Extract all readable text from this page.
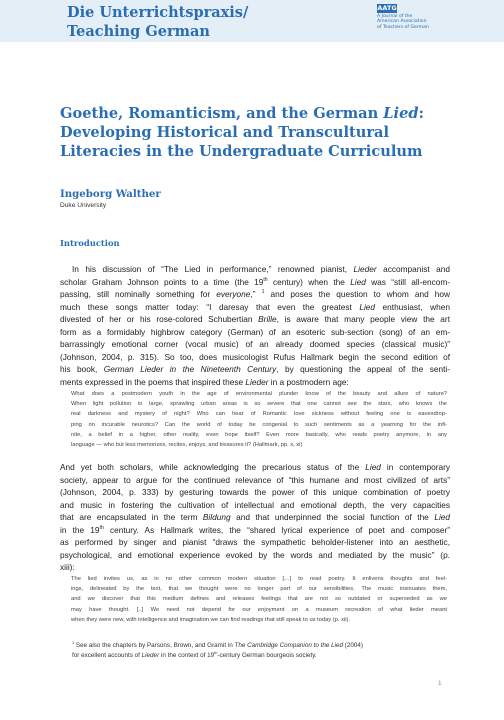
Die Unterrichtspraxis/
Teaching German
AATG
A Journal of the
American Association
of Teachers of German
Goethe, Romanticism, and the German Lied:
Developing Historical and Transcultural
Literacies in the Undergraduate Curriculum
Ingeborg Walther
Duke University
Introduction
In his discussion of “The Lied in performance,” renowned pianist, Lieder accompanist and
scholar Graham Johnson points to a time (the 19th century) when the Lied was “still all-encom-
passing, still nominally something for everyone,” $^1$ and poses the question to whom and how
much these songs matter today: “I daresay that even the greatest Lied enthusiast, when
divested of her or his rose-colored Schubertian Brille, is aware that many people view the art
form as a formidably highbrow category (German) of an esoteric sub-section (song) of an em-
barrassingly emotional corner (vocal music) of an already doomed species (classical music)”
(Johnson, 2004, p. 315). So too, does musicologist Rufus Hallmark begin the second edition of
his book, German Lieder in the Nineteenth Century, by questioning the appeal of the senti-
ments expressed in the poems that inspired these Lieder in a postmodern age:
What does a postmodern youth in the age of environmental plunder know of the beauty and allure of nature?
When light pollution in large, sprawling urban areas is so severe that one cannot see the stars, who knows the
real darkness and mystery of night? Who can hear of Romantic love sickness without feeling one is eavesdrop-
ping on incurable neurotics? Can the world of today be congenial to such sentiments as a yearning for the infi-
nite, a belief in a higher, other reality, even hope itself? Even more basically, who reads poetry anymore, in any
language — who but less memorizes, recites, enjoys, and treasures it? (Hallmark, pp. x, xi)
And yet both scholars, while acknowledging the precarious status of the Lied in contemporary
society, appear to argue for the continued relevance of “this humane and most civilized of arts”
(Johnson, 2004, p. 333) by gesturing towards the power of this unique combination of poetry
and music in fostering the cultivation of intellectual and emotional depth, the very capacities
that are encapsulated in the term Bildung and that underpinned the social function of the Lied
in the 19th century. As Hallmark writes, the “shared lyrical experience of poet and composer”
as performed by singer and pianist “draws the sympathetic beholder-listener into an aesthetic,
psychological, and emotional experience evoked by the words and mediated by the music” (p.
xiii):
The lied invites us, as in no other common modern situation […] to read poetry. It enlivens thoughts and feel-
ings, delineated by the text, that we thought were no longer part of our sensibilities. The music insinuates them,
and we discover that this medium defines and releases feelings that are not so outdated or superseded as we
may have thought. [..] We need not depend for our enjoyment on a museum recreation of what lieder meant
when they were new, with intelligence and imagination we can find readings that still speak to us today (p. xii).
$^1$ See also the chapters by Parsons, Brown, and Gramit in The Cambridge Companion to the Lied (2004)
for excellent accounts of Lieder in the context of 19th-century German bourgeois society.
1
